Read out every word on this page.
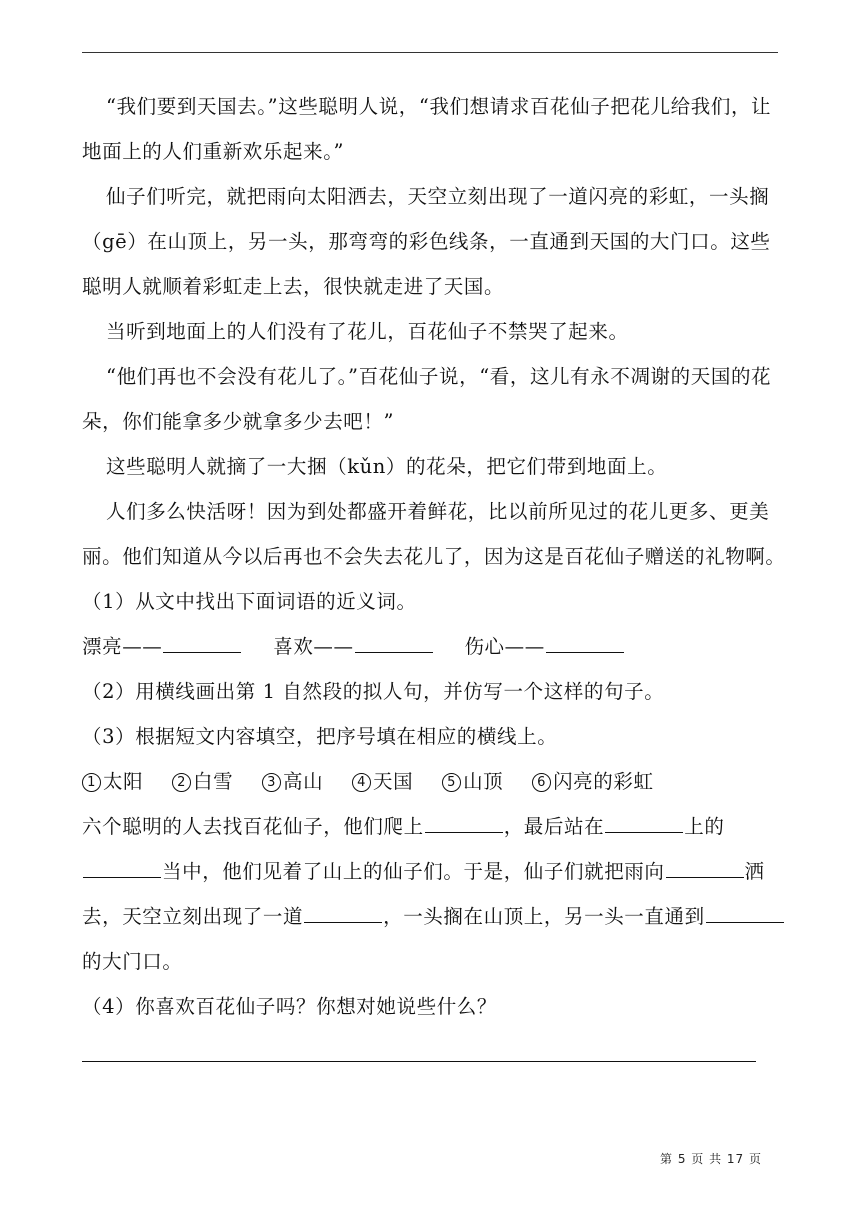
“我们要到天国去。”这些聪明人说，“我们想请求百花仙子把花儿给我们，让
地面上的人们重新欢乐起来。”
仙子们听完，就把雨向太阳洒去，天空立刻出现了一道闪亮的彩虹，一头搁
（gē）在山顶上，另一头，那弯弯的彩色线条，一直通到天国的大门口。这些
聪明人就顺着彩虹走上去，很快就走进了天国。
当听到地面上的人们没有了花儿，百花仙子不禁哭了起来。
“他们再也不会没有花儿了。”百花仙子说，“看，这儿有永不凋谢的天国的花
朵，你们能拿多少就拿多少去吧！”
这些聪明人就摘了一大捆（kǔn）的花朵，把它们带到地面上。
人们多么快活呀！因为到处都盛开着鲜花，比以前所见过的花儿更多、更美
丽。他们知道从今以后再也不会失去花儿了，因为这是百花仙子赠送的礼物啊。
（1）从文中找出下面词语的近义词。
漂亮——	喜欢——	伤心——
（2）用横线画出第 1 自然段的拟人句，并仿写一个这样的句子。
（3）根据短文内容填空，把序号填在相应的横线上。
1 太阳	2 白雪	3 高山	4 天国	5 山顶	6 闪亮的彩虹
六个聪明的人去找百花仙子，他们爬上	，最后站在	上的
当中，他们见着了山上的仙子们。于是，仙子们就把雨向	洒
去，天空立刻出现了一道	，一头搁在山顶上，另一头一直通到
的大门口。
（4）你喜欢百花仙子吗？你想对她说些什么？
第 5 页 共 17 页
